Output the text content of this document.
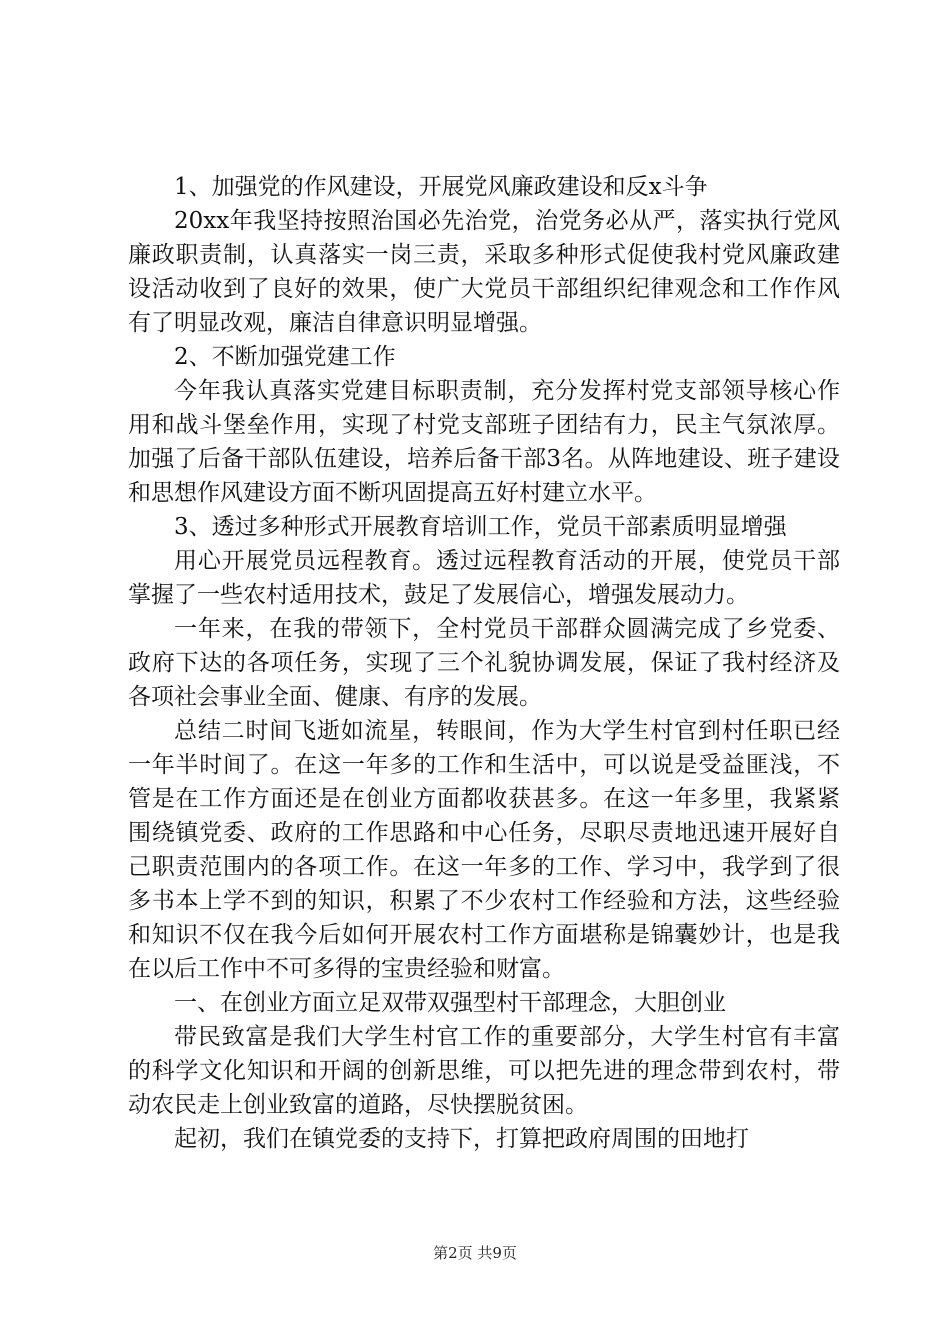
1、加强党的作风建设，开展党风廉政建设和反x斗争

20xx年我坚持按照治国必先治党，治党务必从严，落实执行党风廉政职责制，认真落实一岗三责，采取多种形式促使我村党风廉政建设活动收到了良好的效果，使广大党员干部组织纪律观念和工作作风有了明显改观，廉洁自律意识明显增强。

2、不断加强党建工作

今年我认真落实党建目标职责制，充分发挥村党支部领导核心作用和战斗堡垒作用，实现了村党支部班子团结有力，民主气氛浓厚。加强了后备干部队伍建设，培养后备干部3名。从阵地建设、班子建设和思想作风建设方面不断巩固提高五好村建立水平。

3、透过多种形式开展教育培训工作，党员干部素质明显增强

用心开展党员远程教育。透过远程教育活动的开展，使党员干部掌握了一些农村适用技术，鼓足了发展信心，增强发展动力。

一年来，在我的带领下，全村党员干部群众圆满完成了乡党委、政府下达的各项任务，实现了三个礼貌协调发展，保证了我村经济及各项社会事业全面、健康、有序的发展。

总结二时间飞逝如流星，转眼间，作为大学生村官到村任职已经一年半时间了。在这一年多的工作和生活中，可以说是受益匪浅，不管是在工作方面还是在创业方面都收获甚多。在这一年多里，我紧紧围绕镇党委、政府的工作思路和中心任务，尽职尽责地迅速开展好自己职责范围内的各项工作。在这一年多的工作、学习中，我学到了很多书本上学不到的知识，积累了不少农村工作经验和方法，这些经验和知识不仅在我今后如何开展农村工作方面堪称是锦囊妙计，也是我在以后工作中不可多得的宝贵经验和财富。

一、在创业方面立足双带双强型村干部理念，大胆创业

带民致富是我们大学生村官工作的重要部分，大学生村官有丰富的科学文化知识和开阔的创新思维，可以把先进的理念带到农村，带动农民走上创业致富的道路，尽快摆脱贫困。

起初，我们在镇党委的支持下，打算把政府周围的田地打

第2页 共9页
